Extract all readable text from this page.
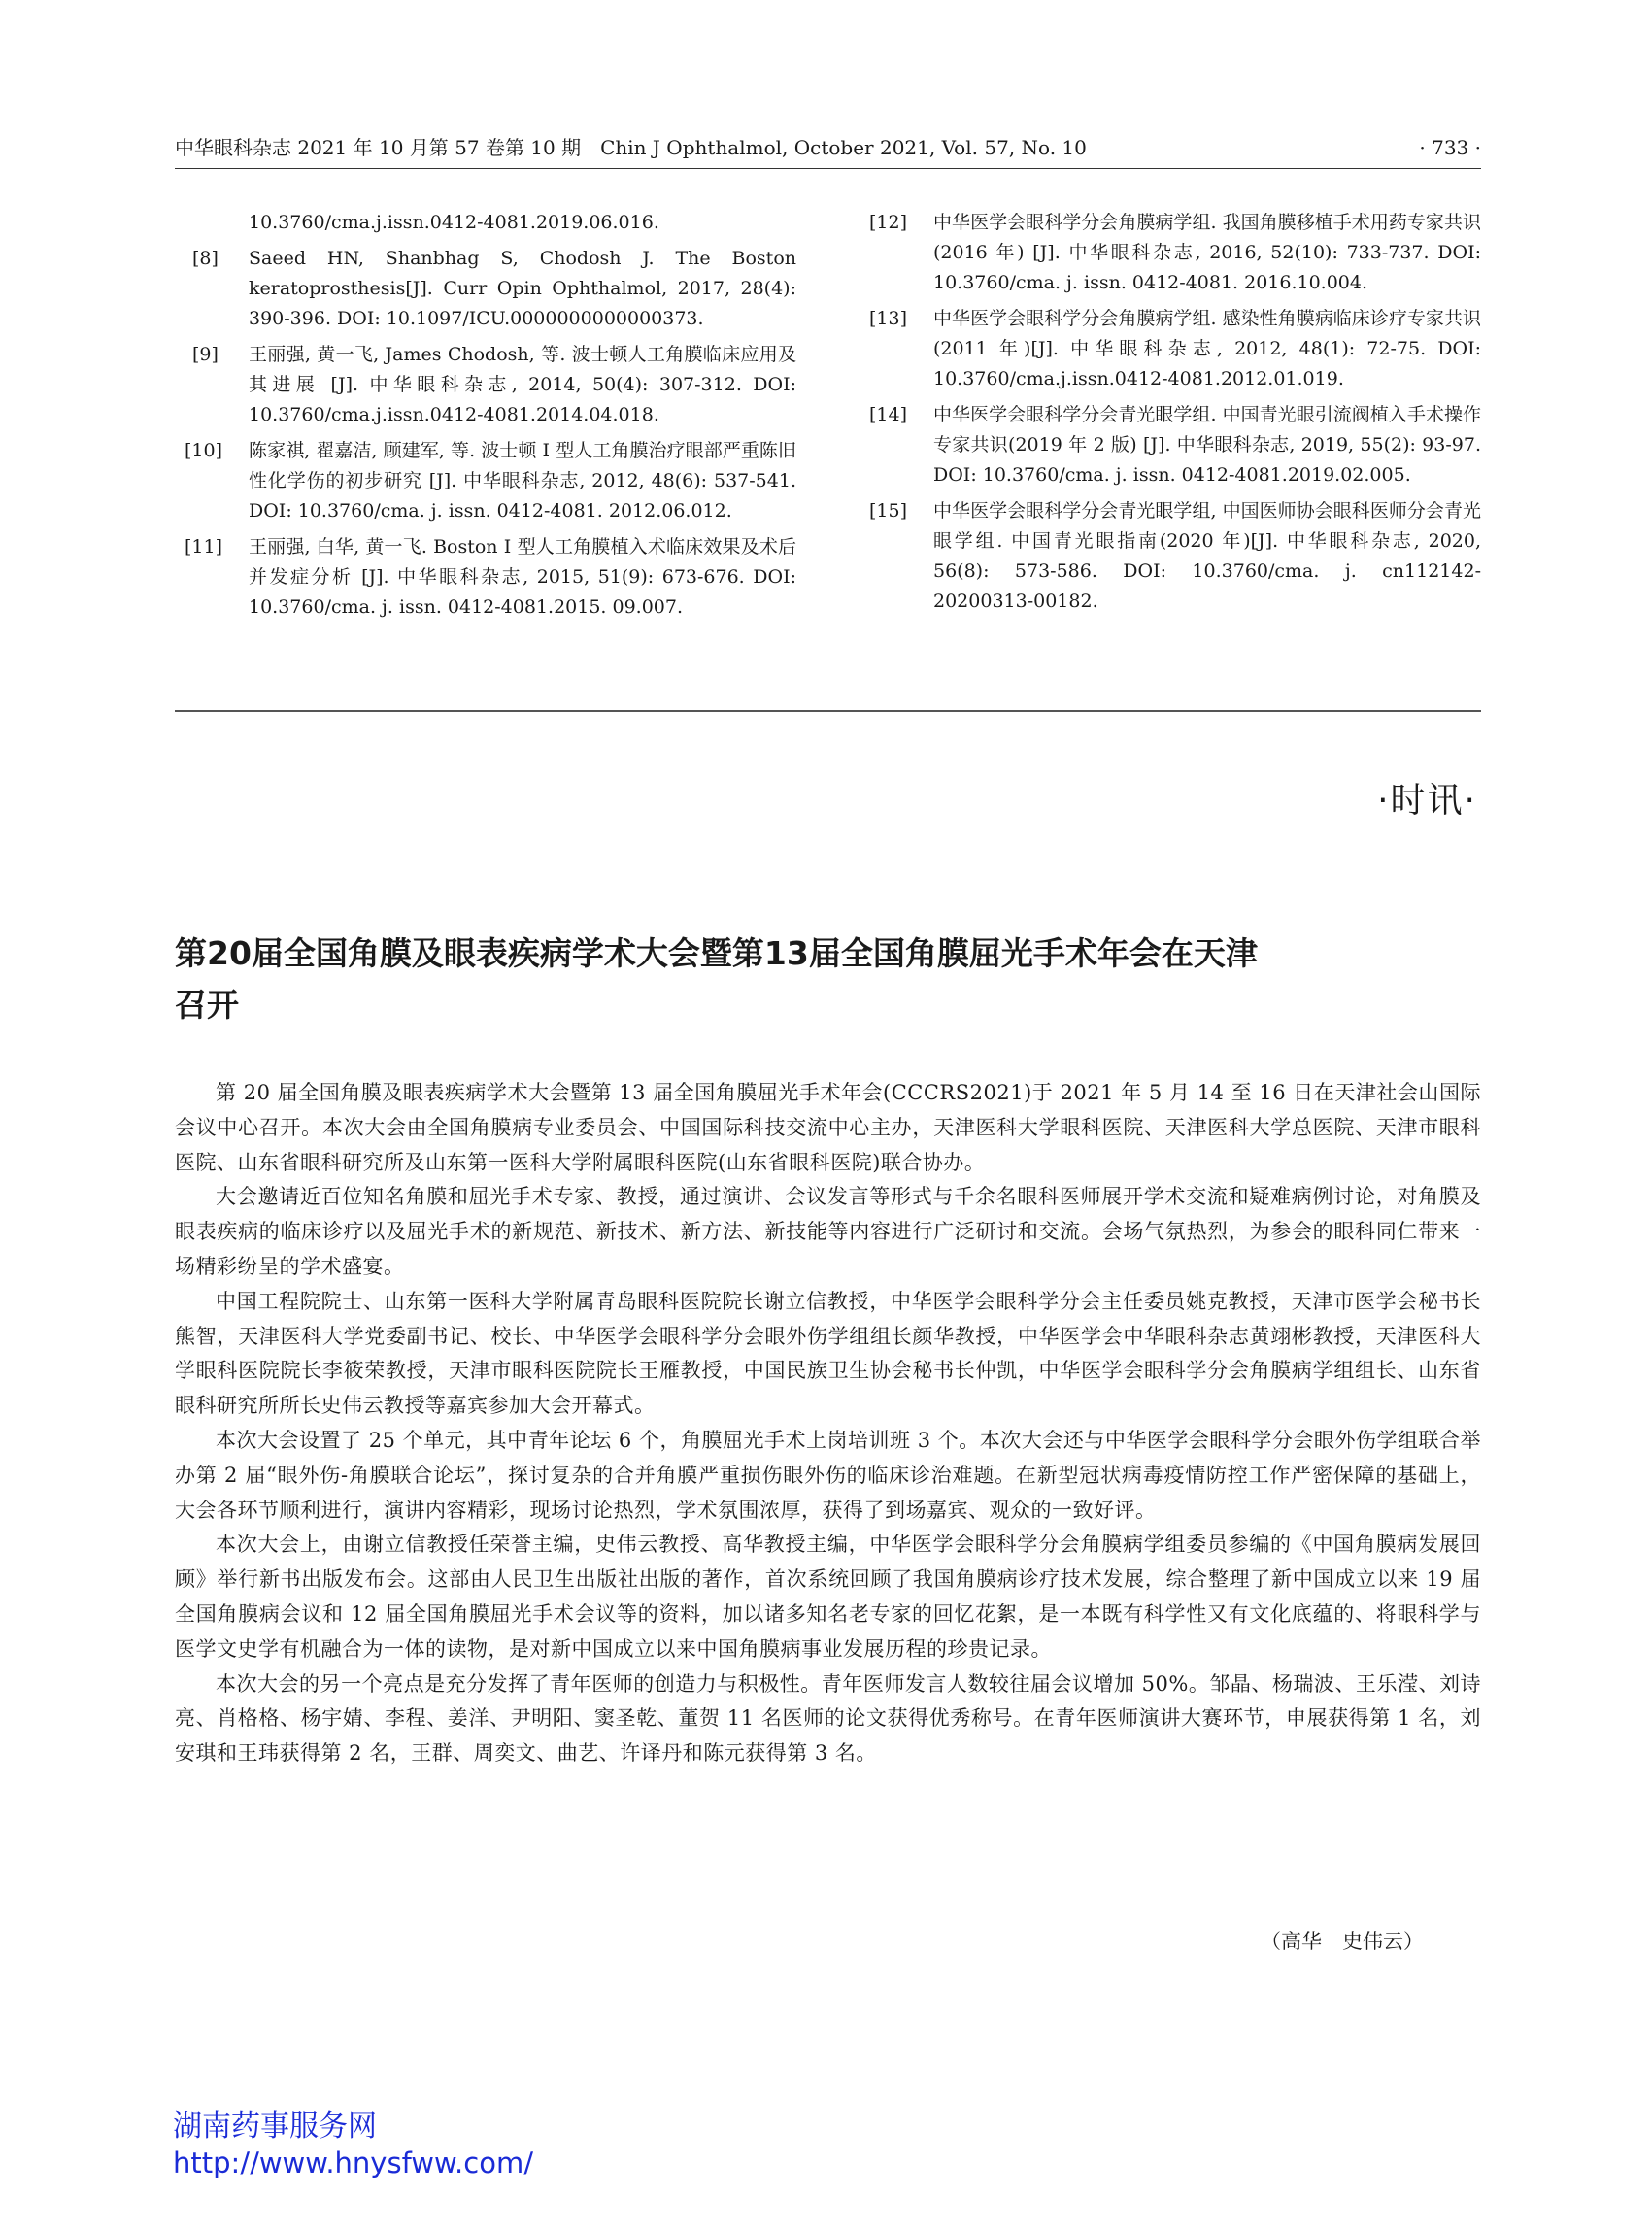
中华眼科杂志 2021 年 10 月第 57 卷第 10 期　Chin J Ophthalmol, October 2021, Vol. 57, No. 10	· 733 ·
10.3760/cma.j.issn.0412-4081.2019.06.016.
[8] Saeed HN, Shanbhag S, Chodosh J. The Boston keratoprosthesis[J]. Curr Opin Ophthalmol, 2017, 28(4): 390-396. DOI: 10.1097/ICU.0000000000000373.
[9] 王丽强, 黄一飞, James Chodosh, 等. 波士顿人工角膜临床应用及其进展 [J]. 中华眼科杂志, 2014, 50(4): 307-312. DOI: 10.3760/cma.j.issn.0412-4081.2014.04.018.
[10] 陈家祺, 翟嘉洁, 顾建军, 等. 波士顿 Ⅰ 型人工角膜治疗眼部严重陈旧性化学伤的初步研究 [J]. 中华眼科杂志, 2012, 48(6): 537-541. DOI: 10.3760/cma. j. issn. 0412-4081. 2012.06.012.
[11] 王丽强, 白华, 黄一飞. Boston Ⅰ 型人工角膜植入术临床效果及术后并发症分析 [J]. 中华眼科杂志, 2015, 51(9): 673-676. DOI: 10.3760/cma. j. issn. 0412-4081.2015. 09.007.
[12] 中华医学会眼科学分会角膜病学组. 我国角膜移植手术用药专家共识(2016 年) [J]. 中华眼科杂志, 2016, 52(10): 733-737. DOI: 10.3760/cma. j. issn. 0412-4081. 2016.10.004.
[13] 中华医学会眼科学分会角膜病学组. 感染性角膜病临床诊疗专家共识(2011 年)[J]. 中华眼科杂志, 2012, 48(1): 72-75. DOI: 10.3760/cma.j.issn.0412-4081.2012.01.019.
[14] 中华医学会眼科学分会青光眼学组. 中国青光眼引流阀植入手术操作专家共识(2019 年 2 版) [J]. 中华眼科杂志, 2019, 55(2): 93-97. DOI: 10.3760/cma. j. issn. 0412-4081.2019.02.005.
[15] 中华医学会眼科学分会青光眼学组, 中国医师协会眼科医师分会青光眼学组. 中国青光眼指南(2020 年)[J]. 中华眼科杂志, 2020, 56(8): 573-586. DOI: 10.3760/cma. j. cn112142-20200313-00182.
·时讯·
第20届全国角膜及眼表疾病学术大会暨第13届全国角膜屈光手术年会在天津召开

第 20 届全国角膜及眼表疾病学术大会暨第 13 届全国角膜屈光手术年会(CCCRS2021)于 2021 年 5 月 14 至 16 日在天津社会山国际会议中心召开。本次大会由全国角膜病专业委员会、中国国际科技交流中心主办，天津医科大学眼科医院、天津医科大学总医院、天津市眼科医院、山东省眼科研究所及山东第一医科大学附属眼科医院(山东省眼科医院)联合协办。

大会邀请近百位知名角膜和屈光手术专家、教授，通过演讲、会议发言等形式与千余名眼科医师展开学术交流和疑难病例讨论，对角膜及眼表疾病的临床诊疗以及屈光手术的新规范、新技术、新方法、新技能等内容进行广泛研讨和交流。会场气氛热烈，为参会的眼科同仁带来一场精彩纷呈的学术盛宴。

中国工程院院士、山东第一医科大学附属青岛眼科医院院长谢立信教授，中华医学会眼科学分会主任委员姚克教授，天津市医学会秘书长熊智，天津医科大学党委副书记、校长、中华医学会眼科学分会眼外伤学组组长颜华教授，中华医学会中华眼科杂志黄翊彬教授，天津医科大学眼科医院院长李筱荣教授，天津市眼科医院院长王雁教授，中国民族卫生协会秘书长仲凯，中华医学会眼科学分会角膜病学组组长、山东省眼科研究所所长史伟云教授等嘉宾参加大会开幕式。

本次大会设置了 25 个单元，其中青年论坛 6 个，角膜屈光手术上岗培训班 3 个。本次大会还与中华医学会眼科学分会眼外伤学组联合举办第 2 届“眼外伤-角膜联合论坛”，探讨复杂的合并角膜严重损伤眼外伤的临床诊治难题。在新型冠状病毒疫情防控工作严密保障的基础上，大会各环节顺利进行，演讲内容精彩，现场讨论热烈，学术氛围浓厚，获得了到场嘉宾、观众的一致好评。

本次大会上，由谢立信教授任荣誉主编，史伟云教授、高华教授主编，中华医学会眼科学分会角膜病学组委员参编的《中国角膜病发展回顾》举行新书出版发布会。这部由人民卫生出版社出版的著作，首次系统回顾了我国角膜病诊疗技术发展，综合整理了新中国成立以来 19 届全国角膜病会议和 12 届全国角膜屈光手术会议等的资料，加以诸多知名老专家的回忆花絮，是一本既有科学性又有文化底蕴的、将眼科学与医学文史学有机融合为一体的读物，是对新中国成立以来中国角膜病事业发展历程的珍贵记录。

本次大会的另一个亮点是充分发挥了青年医师的创造力与积极性。青年医师发言人数较往届会议增加 50%。邹晶、杨瑞波、王乐滢、刘诗亮、肖格格、杨宇婧、李程、姜洋、尹明阳、窦圣乾、董贺 11 名医师的论文获得优秀称号。在青年医师演讲大赛环节，申展获得第 1 名，刘安琪和王玮获得第 2 名，王群、周奕文、曲艺、许译丹和陈元获得第 3 名。

（高华　史伟云）
湖南药事服务网
http://www.hnysfww.com/
